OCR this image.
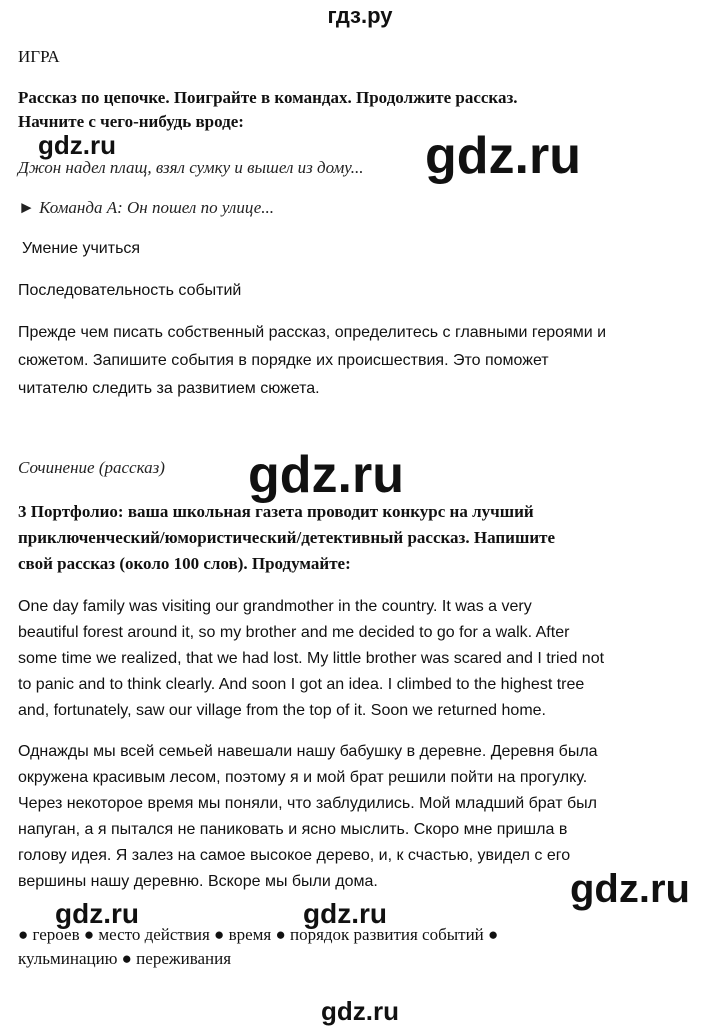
гдз.ру
ИГРА
Рассказ по цепочке. Поиграйте в командах. Продолжите рассказ.
Начните с чего-нибудь вроде:
gdz.ru
Джон надел плащ, взял сумку и вышел из дому... gdz.ru
► Команда А: Он пошел по улице...
Умение учиться
Последовательность событий
Прежде чем писать собственный рассказ, определитесь с главными героями и
сюжетом. Запишите события в порядке их происшествия. Это поможет
читателю следить за развитием сюжета.
Сочинение (рассказ) gdz.ru
3 Портфолио: ваша школьная газета проводит конкурс на лучший
приключенческий/юмористический/детективный рассказ. Напишите
свой рассказ (около 100 слов). Продумайте:
One day family was visiting our grandmother in the country. It was a very
beautiful forest around it, so my brother and me decided to go for a walk. After
some time we realized, that we had lost. My little brother was scared and I tried not
to panic and to think clearly. And soon I got an idea. I climbed to the highest tree
and, fortunately, saw our village from the top of it. Soon we returned home.
Однажды мы всей семьей навешали нашу бабушку в деревне. Деревня была
окружена красивым лесом, поэтому я и мой брат решили пойти на прогулку.
Через некоторое время мы поняли, что заблудились. Мой младший брат был
напуган, а я пытался не паниковать и ясно мыслить. Скоро мне пришла в
голову идея. Я залез на самое высокое дерево, и, к счастью, увидел с его
вершины нашу деревню. Вскоре мы были дома.	gdz.ru
gdz.ru	gdz.ru
● героев ● место действия ● время ● порядок развития событий ●
кульминацию ● переживания
gdz.ru
